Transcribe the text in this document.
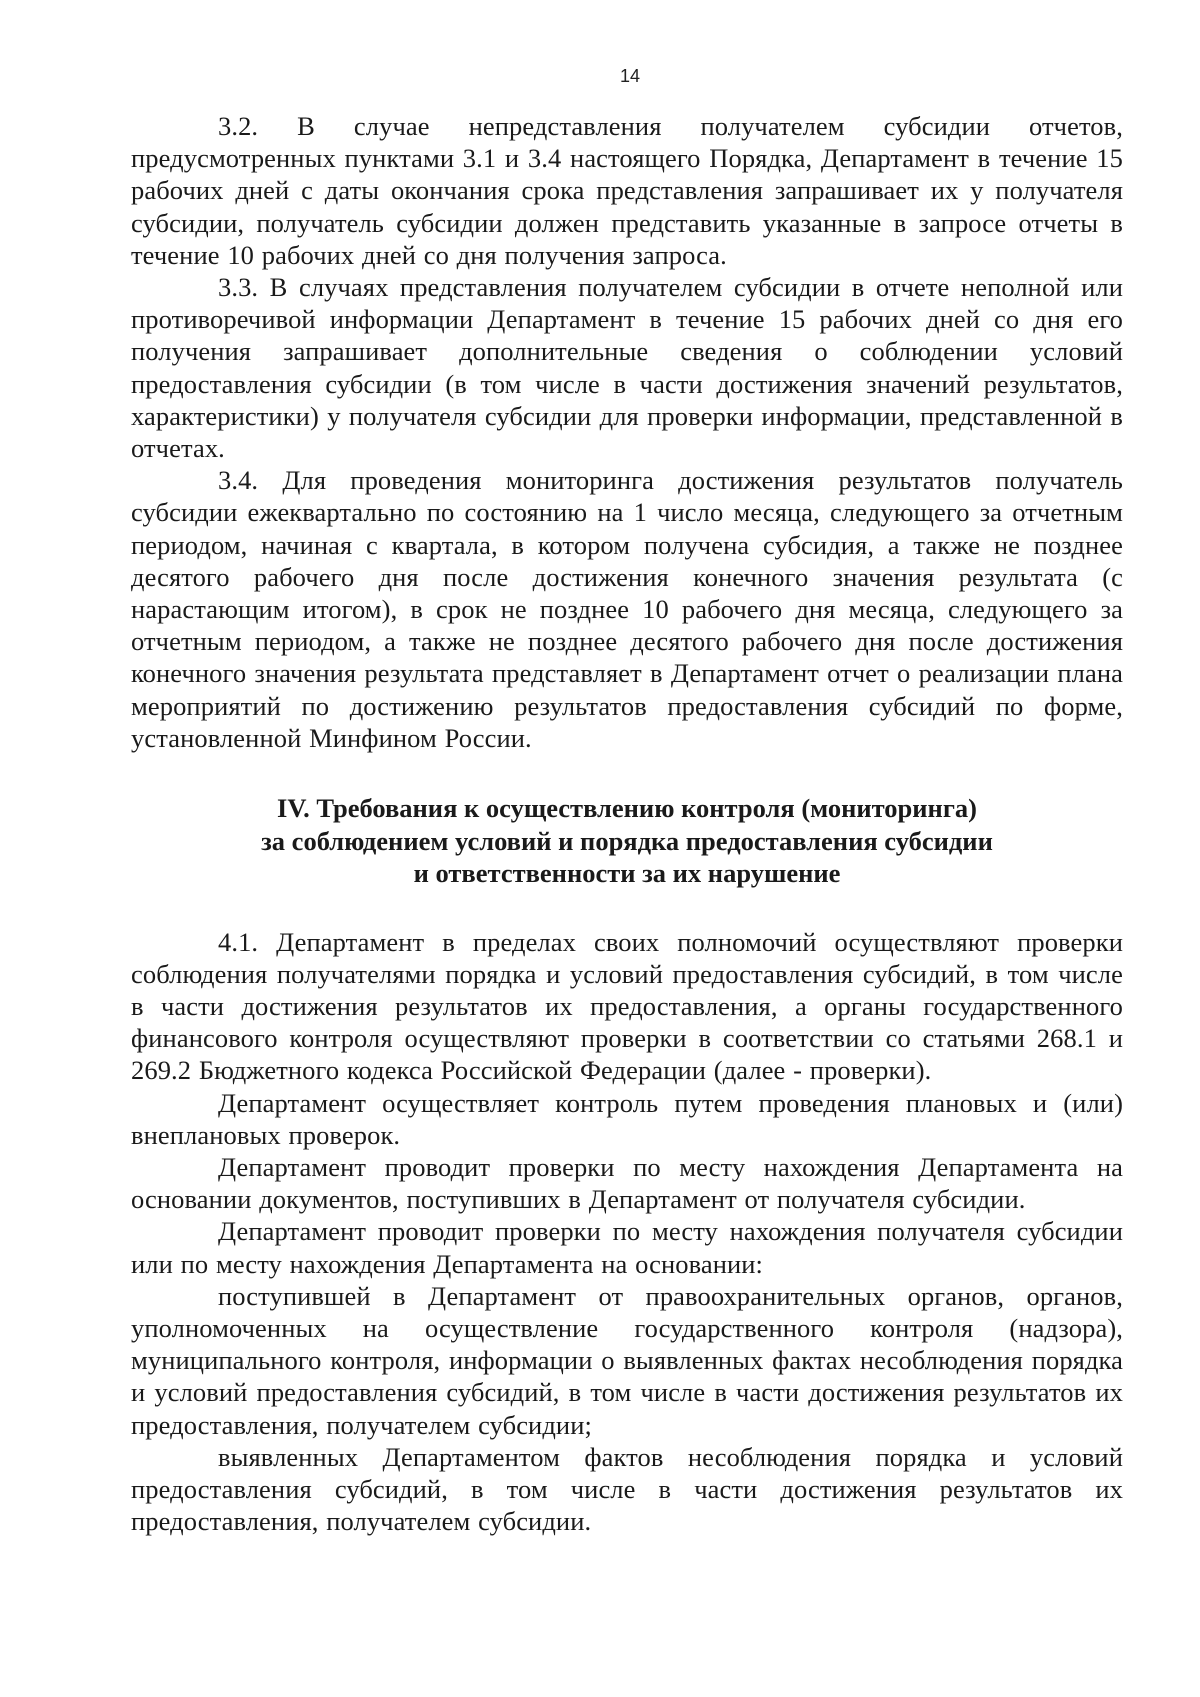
14

3.2. В случае непредставления получателем субсидии отчетов, предусмотренных пунктами 3.1 и 3.4 настоящего Порядка, Департамент в течение 15 рабочих дней с даты окончания срока представления запрашивает их у получателя субсидии, получатель субсидии должен представить указанные в запросе отчеты в течение 10 рабочих дней со дня получения запроса.

3.3. В случаях представления получателем субсидии в отчете неполной или противоречивой информации Департамент в течение 15 рабочих дней со дня его получения запрашивает дополнительные сведения о соблюдении условий предоставления субсидии (в том числе в части достижения значений результатов, характеристики) у получателя субсидии для проверки информации, представленной в отчетах.

3.4. Для проведения мониторинга достижения результатов получатель субсидии ежеквартально по состоянию на 1 число месяца, следующего за отчетным периодом, начиная с квартала, в котором получена субсидия, а также не позднее десятого рабочего дня после достижения конечного значения результата (с нарастающим итогом), в срок не позднее 10 рабочего дня месяца, следующего за отчетным периодом, а также не позднее десятого рабочего дня после достижения конечного значения результата представляет в Департамент отчет о реализации плана мероприятий по достижению результатов предоставления субсидий по форме, установленной Минфином России.

IV. Требования к осуществлению контроля (мониторинга)
за соблюдением условий и порядка предоставления субсидии
и ответственности за их нарушение

4.1. Департамент в пределах своих полномочий осуществляют проверки соблюдения получателями порядка и условий предоставления субсидий, в том числе в части достижения результатов их предоставления, а органы государственного финансового контроля осуществляют проверки в соответствии со статьями 268.1 и 269.2 Бюджетного кодекса Российской Федерации (далее - проверки).

Департамент осуществляет контроль путем проведения плановых и (или) внеплановых проверок.

Департамент проводит проверки по месту нахождения Департамента на основании документов, поступивших в Департамент от получателя субсидии.

Департамент проводит проверки по месту нахождения получателя субсидии или по месту нахождения Департамента на основании:

поступившей в Департамент от правоохранительных органов, органов, уполномоченных на осуществление государственного контроля (надзора), муниципального контроля, информации о выявленных фактах несоблюдения порядка и условий предоставления субсидий, в том числе в части достижения результатов их предоставления, получателем субсидии;

выявленных Департаментом фактов несоблюдения порядка и условий предоставления субсидий, в том числе в части достижения результатов их предоставления, получателем субсидии.
